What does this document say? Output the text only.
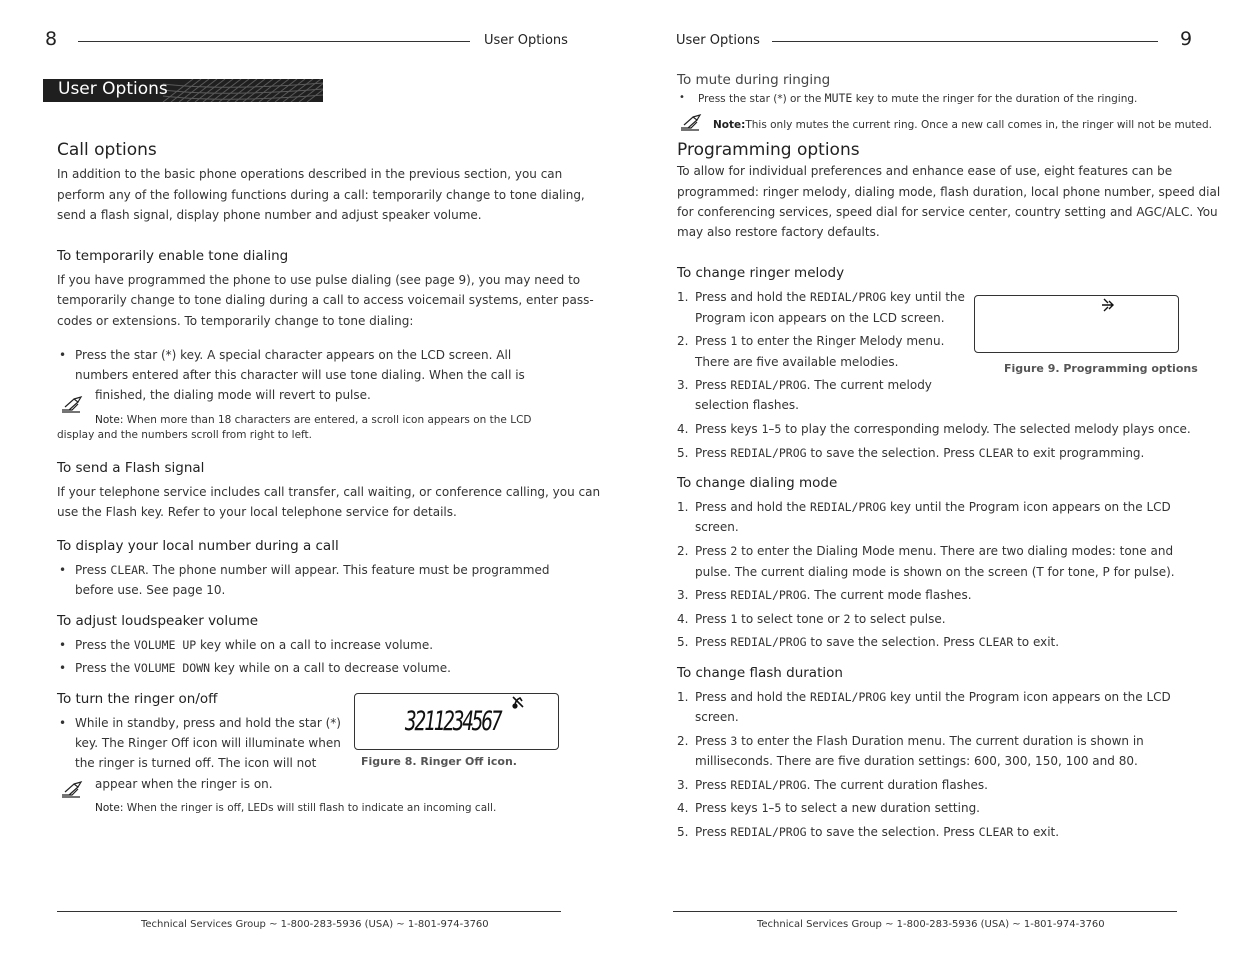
8	User Options
User Options
Call options
In addition to the basic phone operations described in the previous section, you can
perform any of the following functions during a call: temporarily change to tone dialing,
send a flash signal, display phone number and adjust speaker volume.
To temporarily enable tone dialing
If you have programmed the phone to use pulse dialing (see page 9), you may need to
temporarily change to tone dialing during a call to access voicemail systems, enter pass-
codes or extensions. To temporarily change to tone dialing:
• Press the star (*) key. A special character appears on the LCD screen. All
numbers entered after this character will use tone dialing. When the call is
finished, the dialing mode will revert to pulse.
Note: When more than 18 characters are entered, a scroll icon appears on the LCD
display and the numbers scroll from right to left.
To send a Flash signal
If your telephone service includes call transfer, call waiting, or conference calling, you can
use the Flash key. Refer to your local telephone service for details.
To display your local number during a call
• Press CLEAR. The phone number will appear. This feature must be programmed
before use. See page 10.
To adjust loudspeaker volume
• Press the VOLUME UP key while on a call to increase volume.
• Press the VOLUME DOWN key while on a call to decrease volume.
To turn the ringer on/off
• While in standby, press and hold the star (*)
key. The Ringer Off icon will illuminate when
the ringer is turned off. The icon will not
appear when the ringer is on.
Note: When the ringer is off, LEDs will still flash to indicate an incoming call.
3211234567
Figure 8. Ringer Off icon.
Technical Services Group ~ 1-800-283-5936 (USA) ~ 1-801-974-3760
User Options	9
To mute during ringing
• Press the star (*) or the MUTE key to mute the ringer for the duration of the ringing.
Note:This only mutes the current ring. Once a new call comes in, the ringer will not be muted.
Programming options
To allow for individual preferences and enhance ease of use, eight features can be
programmed: ringer melody, dialing mode, flash duration, local phone number, speed dial
for conferencing services, speed dial for service center, country setting and AGC/ALC. You
may also restore factory defaults.
To change ringer melody
1. Press and hold the REDIAL/PROG key until the
Program icon appears on the LCD screen.
2. Press 1 to enter the Ringer Melody menu.
There are five available melodies.
3. Press REDIAL/PROG. The current melody
selection flashes.
4. Press keys 1–5 to play the corresponding melody. The selected melody plays once.
5. Press REDIAL/PROG to save the selection. Press CLEAR to exit programming.
Figure 9. Programming options
To change dialing mode
1. Press and hold the REDIAL/PROG key until the Program icon appears on the LCD
screen.
2. Press 2 to enter the Dialing Mode menu. There are two dialing modes: tone and
pulse. The current dialing mode is shown on the screen (T for tone, P for pulse).
3. Press REDIAL/PROG. The current mode flashes.
4. Press 1 to select tone or 2 to select pulse.
5. Press REDIAL/PROG to save the selection. Press CLEAR to exit.
To change flash duration
1. Press and hold the REDIAL/PROG key until the Program icon appears on the LCD
screen.
2. Press 3 to enter the Flash Duration menu. The current duration is shown in
milliseconds. There are five duration settings: 600, 300, 150, 100 and 80.
3. Press REDIAL/PROG. The current duration flashes.
4. Press keys 1–5 to select a new duration setting.
5. Press REDIAL/PROG to save the selection. Press CLEAR to exit.
Technical Services Group ~ 1-800-283-5936 (USA) ~ 1-801-974-3760
